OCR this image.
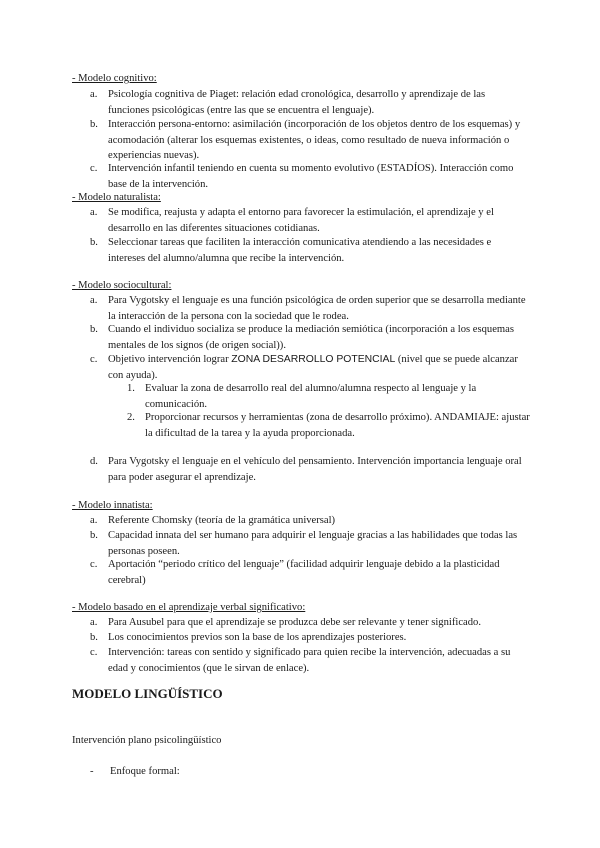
- Modelo cognitivo:
a. Psicología cognitiva de Piaget: relación edad cronológica, desarrollo y aprendizaje de las funciones psicológicas (entre las que se encuentra el lenguaje).
b. Interacción persona-entorno: asimilación (incorporación de los objetos dentro de los esquemas) y acomodación (alterar los esquemas existentes, o ideas, como resultado de nueva información o experiencias nuevas).
c. Intervención infantil teniendo en cuenta su momento evolutivo (ESTADÍOS). Interacción como base de la intervención.
- Modelo naturalista:
a. Se modifica, reajusta y adapta el entorno para favorecer la estimulación, el aprendizaje y el desarrollo en las diferentes situaciones cotidianas.
b. Seleccionar tareas que faciliten la interacción comunicativa atendiendo a las necesidades e intereses del alumno/alumna que recibe la intervención.
- Modelo sociocultural:
a. Para Vygotsky el lenguaje es una función psicológica de orden superior que se desarrolla mediante la interacción de la persona con la sociedad que le rodea.
b. Cuando el individuo socializa se produce la mediación semiótica (incorporación a los esquemas mentales de los signos (de origen social)).
c. Objetivo intervención lograr ZONA DESARROLLO POTENCIAL (nivel que se puede alcanzar con ayuda).
1. Evaluar la zona de desarrollo real del alumno/alumna respecto al lenguaje y la comunicación.
2. Proporcionar recursos y herramientas (zona de desarrollo próximo). ANDAMIAJE: ajustar la dificultad de la tarea y la ayuda proporcionada.
d. Para Vygotsky el lenguaje en el vehículo del pensamiento. Intervención importancia lenguaje oral para poder asegurar el aprendizaje.
- Modelo innatista:
a. Referente Chomsky (teoría de la gramática universal)
b. Capacidad innata del ser humano para adquirir el lenguaje gracias a las habilidades que todas las personas poseen.
c. Aportación “periodo crítico del lenguaje” (facilidad adquirir lenguaje debido a la plasticidad cerebral)
- Modelo basado en el aprendizaje verbal significativo:
a. Para Ausubel para que el aprendizaje se produzca debe ser relevante y tener significado.
b. Los conocimientos previos son la base de los aprendizajes posteriores.
c. Intervención: tareas con sentido y significado para quien recibe la intervención, adecuadas a su edad y conocimientos (que le sirvan de enlace).
MODELO LINGÜÍSTICO
Intervención plano psicolingüístico
- Enfoque formal:
